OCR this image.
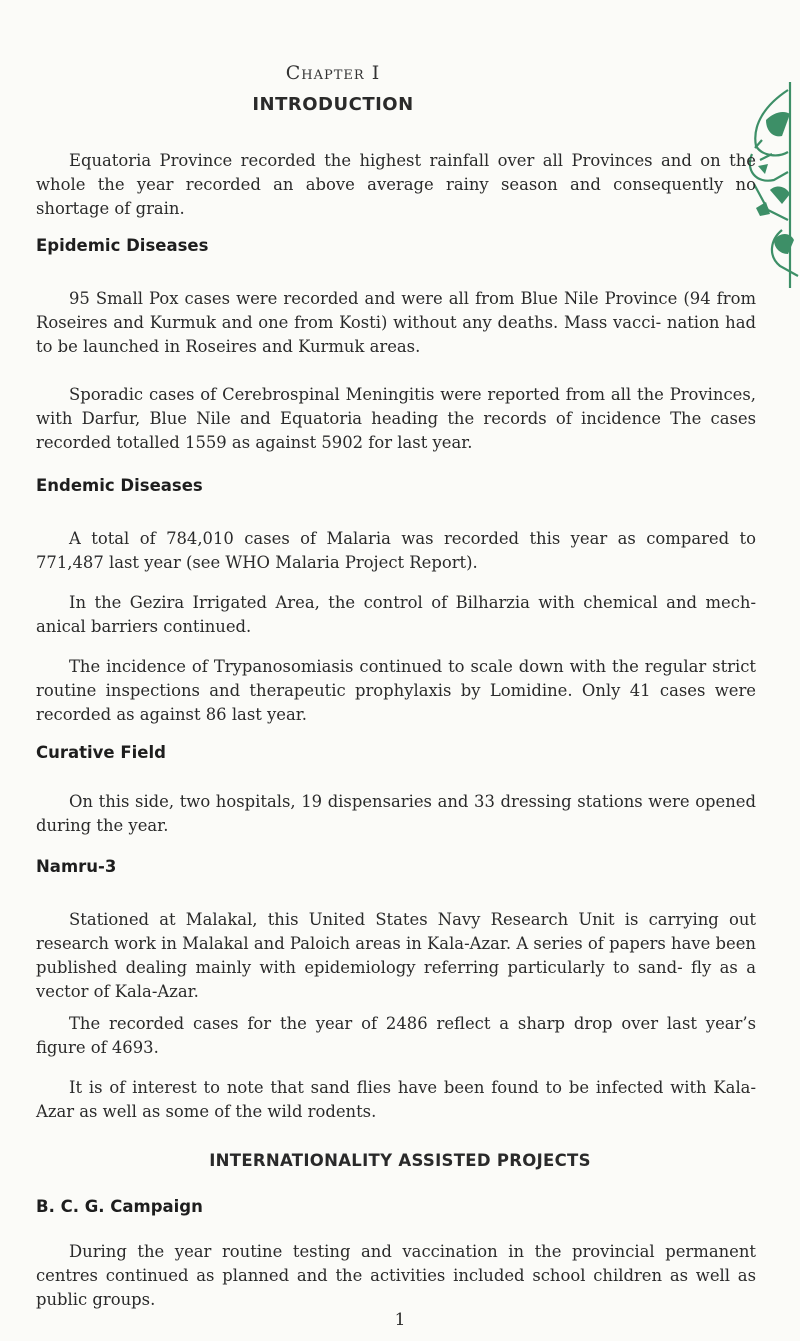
Chapter I
INTRODUCTION

Equatoria Province recorded the highest rainfall over all Provinces and on the whole the year recorded an above average rainy season and consequently no shortage of grain.

Epidemic Diseases

95 Small Pox cases were recorded and were all from Blue Nile Province (94 from Roseires and Kurmuk and one from Kosti) without any deaths. Mass vacci- nation had to be launched in Roseires and Kurmuk areas.

Sporadic cases of Cerebrospinal Meningitis were reported from all the Provinces, with Darfur, Blue Nile and Equatoria heading the records of incidence The cases recorded totalled 1559 as against 5902 for last year.

Endemic Diseases

A total of 784,010 cases of Malaria was recorded this year as compared to 771,487 last year (see WHO Malaria Project Report).

In the Gezira Irrigated Area, the control of Bilharzia with chemical and mech- anical barriers continued.

The incidence of Trypanosomiasis continued to scale down with the regular strict routine inspections and therapeutic prophylaxis by Lomidine. Only 41 cases were recorded as against 86 last year.

Curative Field

On this side, two hospitals, 19 dispensaries and 33 dressing stations were opened during the year.

Namru-3

Stationed at Malakal, this United States Navy Research Unit is carrying out research work in Malakal and Paloich areas in Kala-Azar. A series of papers have been published dealing mainly with epidemiology referring particularly to sand- fly as a vector of Kala-Azar.

The recorded cases for the year of 2486 reflect a sharp drop over last year’s figure of 4693.

It is of interest to note that sand flies have been found to be infected with Kala-Azar as well as some of the wild rodents.

INTERNATIONALITY ASSISTED PROJECTS
B. C. G. Campaign

During the year routine testing and vaccination in the provincial permanent centres continued as planned and the activities included school children as well as public groups.

1
